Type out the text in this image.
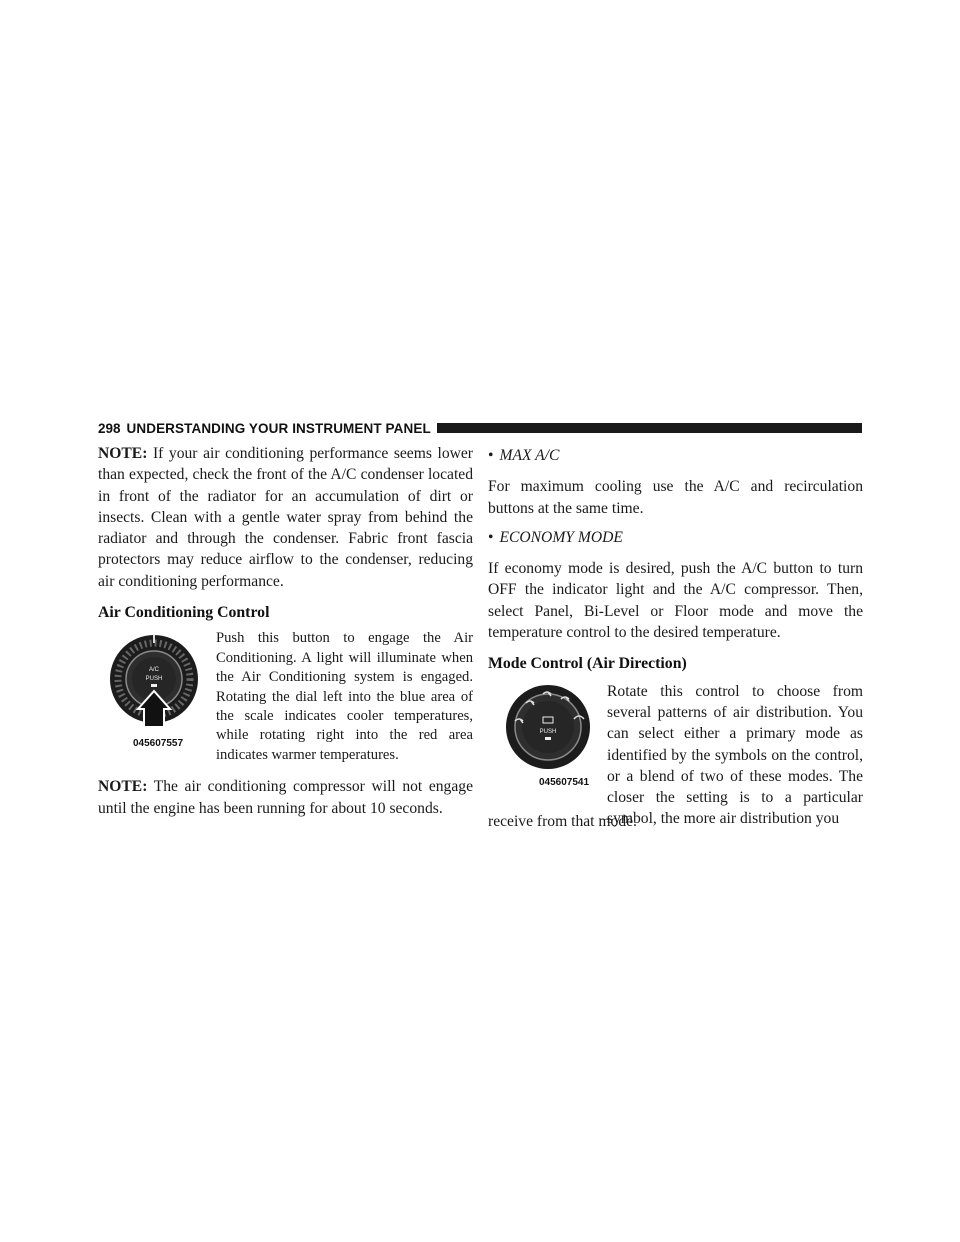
298 UNDERSTANDING YOUR INSTRUMENT PANEL

NOTE: If your air conditioning performance seems lower than expected, check the front of the A/C condenser located in front of the radiator for an accumulation of dirt or insects. Clean with a gentle water spray from behind the radiator and through the condenser. Fabric front fascia protectors may reduce airflow to the condenser, reducing air conditioning performance.

Air Conditioning Control
A/C
PUSH
045607557
Push this button to engage the Air Conditioning. A light will illuminate when the Air Conditioning system is engaged. Rotating the dial left into the blue area of the scale indicates cooler temperatures, while rotating right into the red area indicates warmer temperatures.

NOTE: The air conditioning compressor will not engage until the engine has been running for about 10 seconds.

• MAX A/C

For maximum cooling use the A/C and recirculation buttons at the same time.

• ECONOMY MODE

If economy mode is desired, push the A/C button to turn OFF the indicator light and the A/C compressor. Then, select Panel, Bi-Level or Floor mode and move the temperature control to the desired temperature.

Mode Control (Air Direction)
PUSH
045607541
Rotate this control to choose from several patterns of air distribution. You can select either a primary mode as identified by the symbols on the control, or a blend of two of these modes. The closer the setting is to a particular symbol, the more air distribution you

receive from that mode.
